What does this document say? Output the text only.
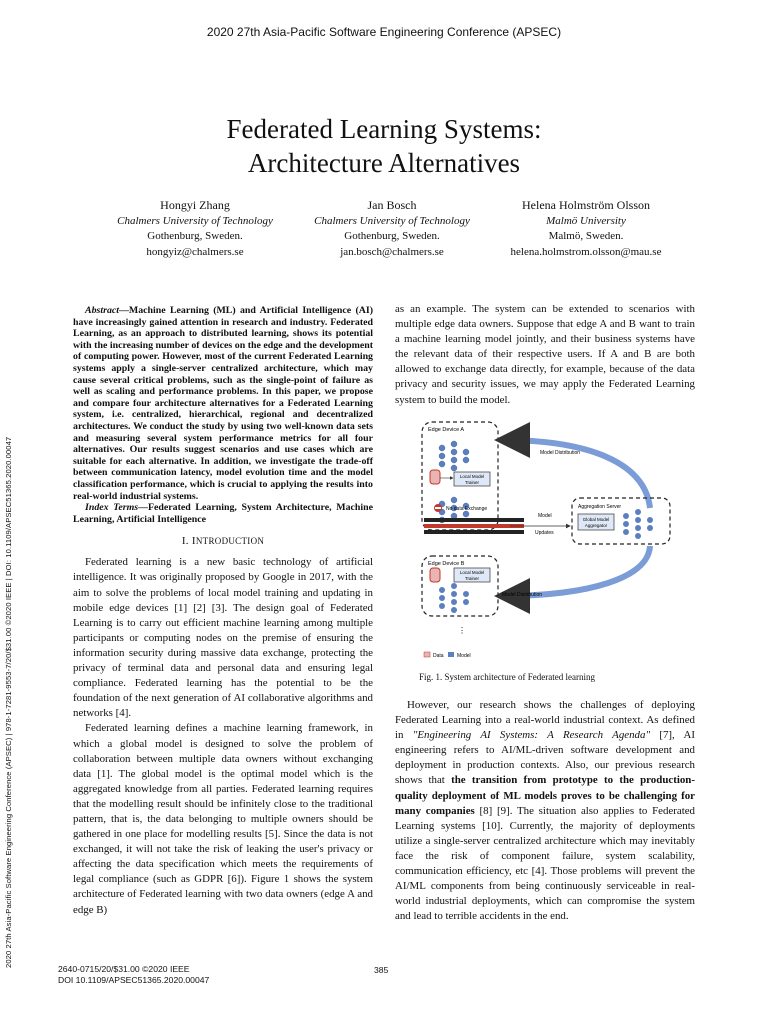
2020 27th Asia-Pacific Software Engineering Conference (APSEC)
Federated Learning Systems:
Architecture Alternatives
Hongyi Zhang
Chalmers University of Technology
Gothenburg, Sweden.
hongyiz@chalmers.se
Jan Bosch
Chalmers University of Technology
Gothenburg, Sweden.
jan.bosch@chalmers.se
Helena Holmström Olsson
Malmö University
Malmö, Sweden.
helena.holmstrom.olsson@mau.se
2020 27th Asia-Pacific Software Engineering Conference (APSEC) | 978-1-7281-9553-7/20/$31.00 ©2020 IEEE | DOI: 10.1109/APSEC51365.2020.00047

Abstract—Machine Learning (ML) and Artificial Intelligence (AI) have increasingly gained attention in research and industry. Federated Learning, as an approach to distributed learning, shows its potential with the increasing number of devices on the edge and the development of computing power. However, most of the current Federated Learning systems apply a single-server centralized architecture, which may cause several critical problems, such as the single-point of failure as well as scaling and performance problems. In this paper, we propose and compare four architecture alternatives for a Federated Learning system, i.e. centralized, hierarchical, regional and decentralized architectures. We conduct the study by using two well-known data sets and measuring several system performance metrics for all four alternatives. Our results suggest scenarios and use cases which are suitable for each alternative. In addition, we investigate the trade-off between communication latency, model evolution time and the model classification performance, which is crucial to applying the results into real-world industrial systems.

Index Terms—Federated Learning, System Architecture, Machine Learning, Artificial Intelligence

I. INTRODUCTION

Federated learning is a new basic technology of artificial intelligence. It was originally proposed by Google in 2017, with the aim to solve the problems of local model training and updating in mobile edge devices [1] [2] [3]. The design goal of Federated Learning is to carry out efficient machine learning among multiple participants or computing nodes on the premise of ensuring the information security during massive data exchange, protecting the privacy of terminal data and personal data and ensuring legal compliance. Federated learning has the potential to be the foundation of the next generation of AI collaborative algorithms and networks [4].

Federated learning defines a machine learning framework, in which a global model is designed to solve the problem of collaboration between multiple data owners without exchanging data [1]. The global model is the optimal model which is the aggregated knowledge from all parties. Federated learning requires that the modelling result should be infinitely close to the traditional pattern, that is, the data belonging to multiple owners should be gathered in one place for modelling results [5]. Since the data is not exchanged, it will not take the risk of leaking the user's privacy or affecting the data specification which meets the requirements of legal compliance (such as GDPR [6]). Figure 1 shows the system architecture of Federated learning with two data owners (edge A and edge B)

as an example. The system can be extended to scenarios with multiple edge data owners. Suppose that edge A and B want to train a machine learning model jointly, and their business systems have the relevant data of their respective users. If A and B are both allowed to exchange data directly, for example, because of the data privacy and security issues, we may apply the Federated Learning system to build the model.

Edge Device A
Local Model
Trainer
Model Distribution
No data Exchange
Model
Updates
Aggregation Server
Global Model
Aggregator
Edge Device B
Local Model
Trainer
Model Distribution
⋮
Data	Model
Fig. 1. System architecture of Federated learning

However, our research shows the challenges of deploying Federated Learning into a real-world industrial context. As defined in "Engineering AI Systems: A Research Agenda" [7], AI engineering refers to AI/ML-driven software development and deployment in production contexts. Also, our previous research shows that the transition from prototype to the production-quality deployment of ML models proves to be challenging for many companies [8] [9]. The situation also applies to Federated Learning systems [10]. Currently, the majority of deployments utilize a single-server centralized architecture which may inevitably face the risk of component failure, system scalability, communication efficiency, etc [4]. Those problems will prevent the AI/ML components from being continuously serviceable in real-world industrial deployments, which can compromise the system and lead to terrible accidents in the end.

2640-0715/20/$31.00 ©2020 IEEE
DOI 10.1109/APSEC51365.2020.00047
385
